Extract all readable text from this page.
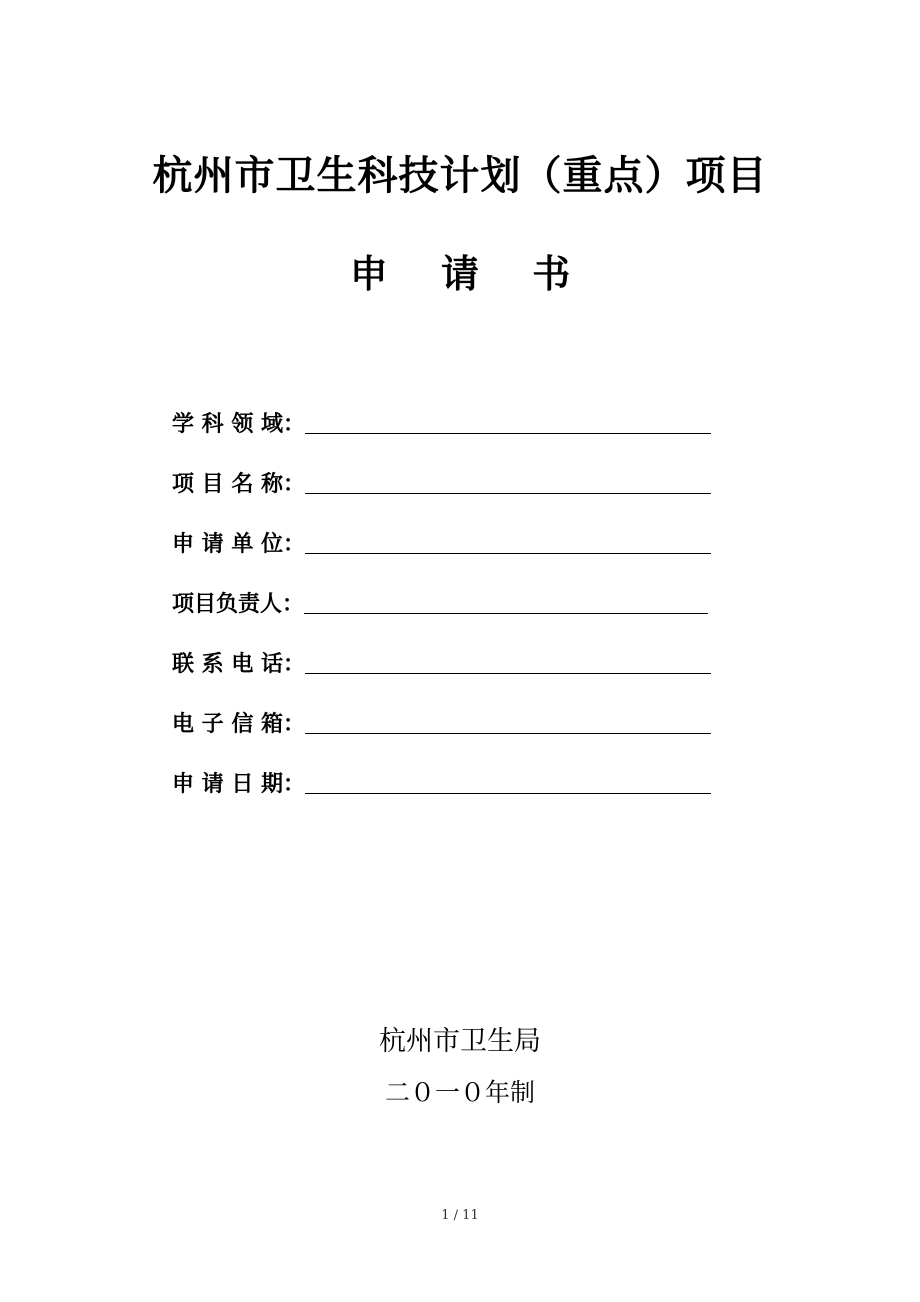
杭州市卫生科技计划（重点）项目
申 请 书
学 科 领 域：
项 目 名 称：
申 请 单 位：
项目负责人：
联 系 电 话：
电 子 信 箱：
申 请 日 期：
杭州市卫生局
二０一０年制
1 / 11
